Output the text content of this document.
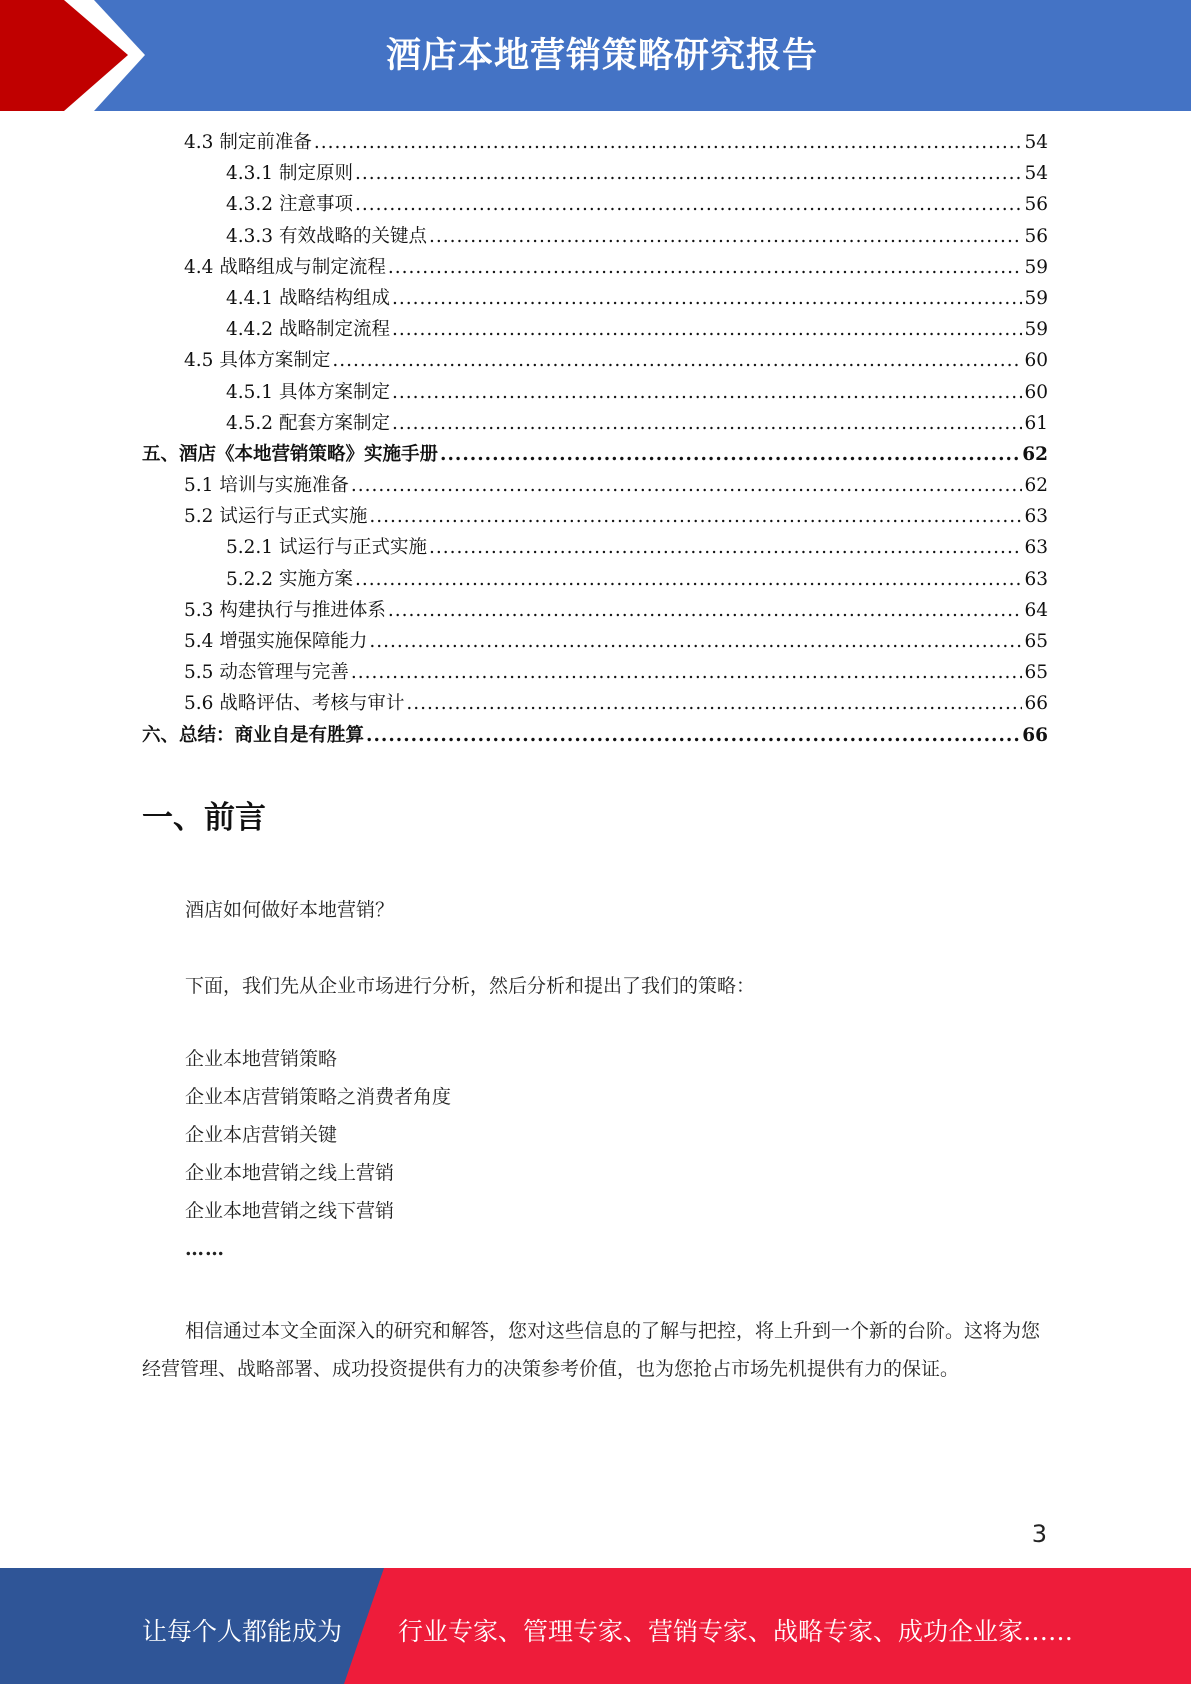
酒店本地营销策略研究报告
4.3 制定前准备 .....	54
4.3.1 制定原则 .....	54
4.3.2 注意事项 .....	56
4.3.3 有效战略的关键点 .....	56
4.4 战略组成与制定流程 .....	59
4.4.1 战略结构组成 .....	59
4.4.2 战略制定流程 .....	59
4.5 具体方案制定 .....	60
4.5.1 具体方案制定 .....	60
4.5.2 配套方案制定 .....	61
五、酒店《本地营销策略》实施手册 .....	62
5.1 培训与实施准备 .....	62
5.2 试运行与正式实施 .....	63
5.2.1 试运行与正式实施 .....	63
5.2.2 实施方案 .....	63
5.3 构建执行与推进体系 .....	64
5.4 增强实施保障能力 .....	65
5.5 动态管理与完善 .....	65
5.6 战略评估、考核与审计 .....	66
六、总结：商业自是有胜算 .....	66
一、前言
酒店如何做好本地营销？
下面，我们先从企业市场进行分析，然后分析和提出了我们的策略：
企业本地营销策略
企业本店营销策略之消费者角度
企业本店营销关键
企业本地营销之线上营销
企业本地营销之线下营销
……
相信通过本文全面深入的研究和解答，您对这些信息的了解与把控，将上升到一个新的台阶。这将为您经营管理、战略部署、成功投资提供有力的决策参考价值，也为您抢占市场先机提供有力的保证。
3
让每个人都能成为 行业专家、管理专家、营销专家、战略专家、成功企业家……
